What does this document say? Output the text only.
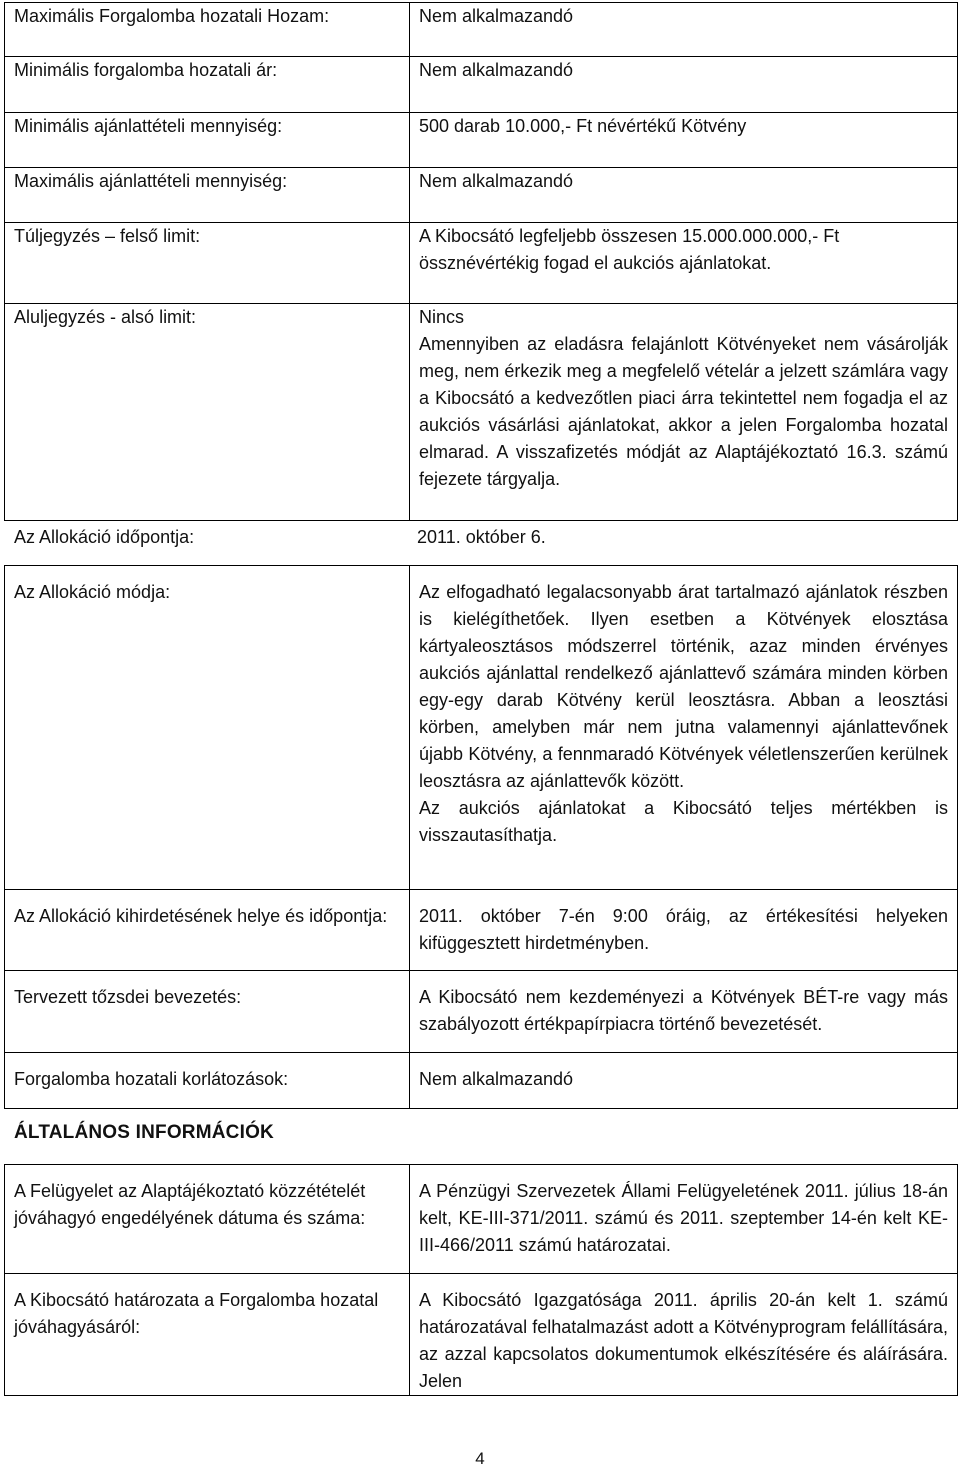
Maximális Forgalomba hozatali Hozam:	Nem alkalmazandó
Minimális forgalomba hozatali ár:	Nem alkalmazandó
Minimális ajánlattételi mennyiség:	500 darab 10.000,- Ft névértékű Kötvény
Maximális ajánlattételi mennyiség:	Nem alkalmazandó
Túljegyzés – felső limit:	A Kibocsátó legfeljebb összesen 15.000.000.000,- Ft össznévértékig fogad el aukciós ajánlatokat.
Aluljegyzés - alsó limit:	Nincs

Amennyiben az eladásra felajánlott Kötvényeket nem vásárolják meg, nem érkezik meg a megfelelő vételár a jelzett számlára vagy a Kibocsátó a kedvezőtlen piaci árra tekintettel nem fogadja el az aukciós vásárlási ajánlatokat, akkor a jelen Forgalomba hozatal elmarad. A visszafizetés módját az Alaptájékoztató 16.3. számú fejezete tárgyalja.

Az Allokáció időpontja:	2011. október 6.
Az Allokáció módja:	Az elfogadható legalacsonyabb árat tartalmazó ajánlatok részben is kielégíthetőek. Ilyen esetben a Kötvények elosztása kártyaleosztásos módszerrel történik, azaz minden érvényes aukciós ajánlattal rendelkező ajánlattevő számára minden körben egy-egy darab Kötvény kerül leosztásra. Abban a leosztási körben, amelyben már nem jutna valamennyi ajánlattevőnek újabb Kötvény, a fennmaradó Kötvények véletlenszerűen kerülnek leosztásra az ajánlattevők között.

Az aukciós ajánlatokat a Kibocsátó teljes mértékben is visszautasíthatja.

Az Allokáció kihirdetésének helye és időpontja:	2011. október 7-én 9:00 óráig, az értékesítési helyeken kifüggesztett hirdetményben.
Tervezett tőzsdei bevezetés:	A Kibocsátó nem kezdeményezi a Kötvények BÉT-re vagy más szabályozott értékpapírpiacra történő bevezetését.
Forgalomba hozatali korlátozások:	Nem alkalmazandó
ÁLTALÁNOS INFORMÁCIÓK
A Felügyelet az Alaptájékoztató közzétételét jóváhagyó engedélyének dátuma és száma:	A Pénzügyi Szervezetek Állami Felügyeletének 2011. július 18-án kelt, KE-III-371/2011. számú és 2011. szeptember 14-én kelt KE-III-466/2011 számú határozatai.
A Kibocsátó határozata a Forgalomba hozatal jóváhagyásáról:	A Kibocsátó Igazgatósága 2011. április 20-án kelt 1. számú határozatával felhatalmazást adott a Kötvényprogram felállítására, az azzal kapcsolatos dokumentumok elkészítésére és aláírására. Jelen
4
